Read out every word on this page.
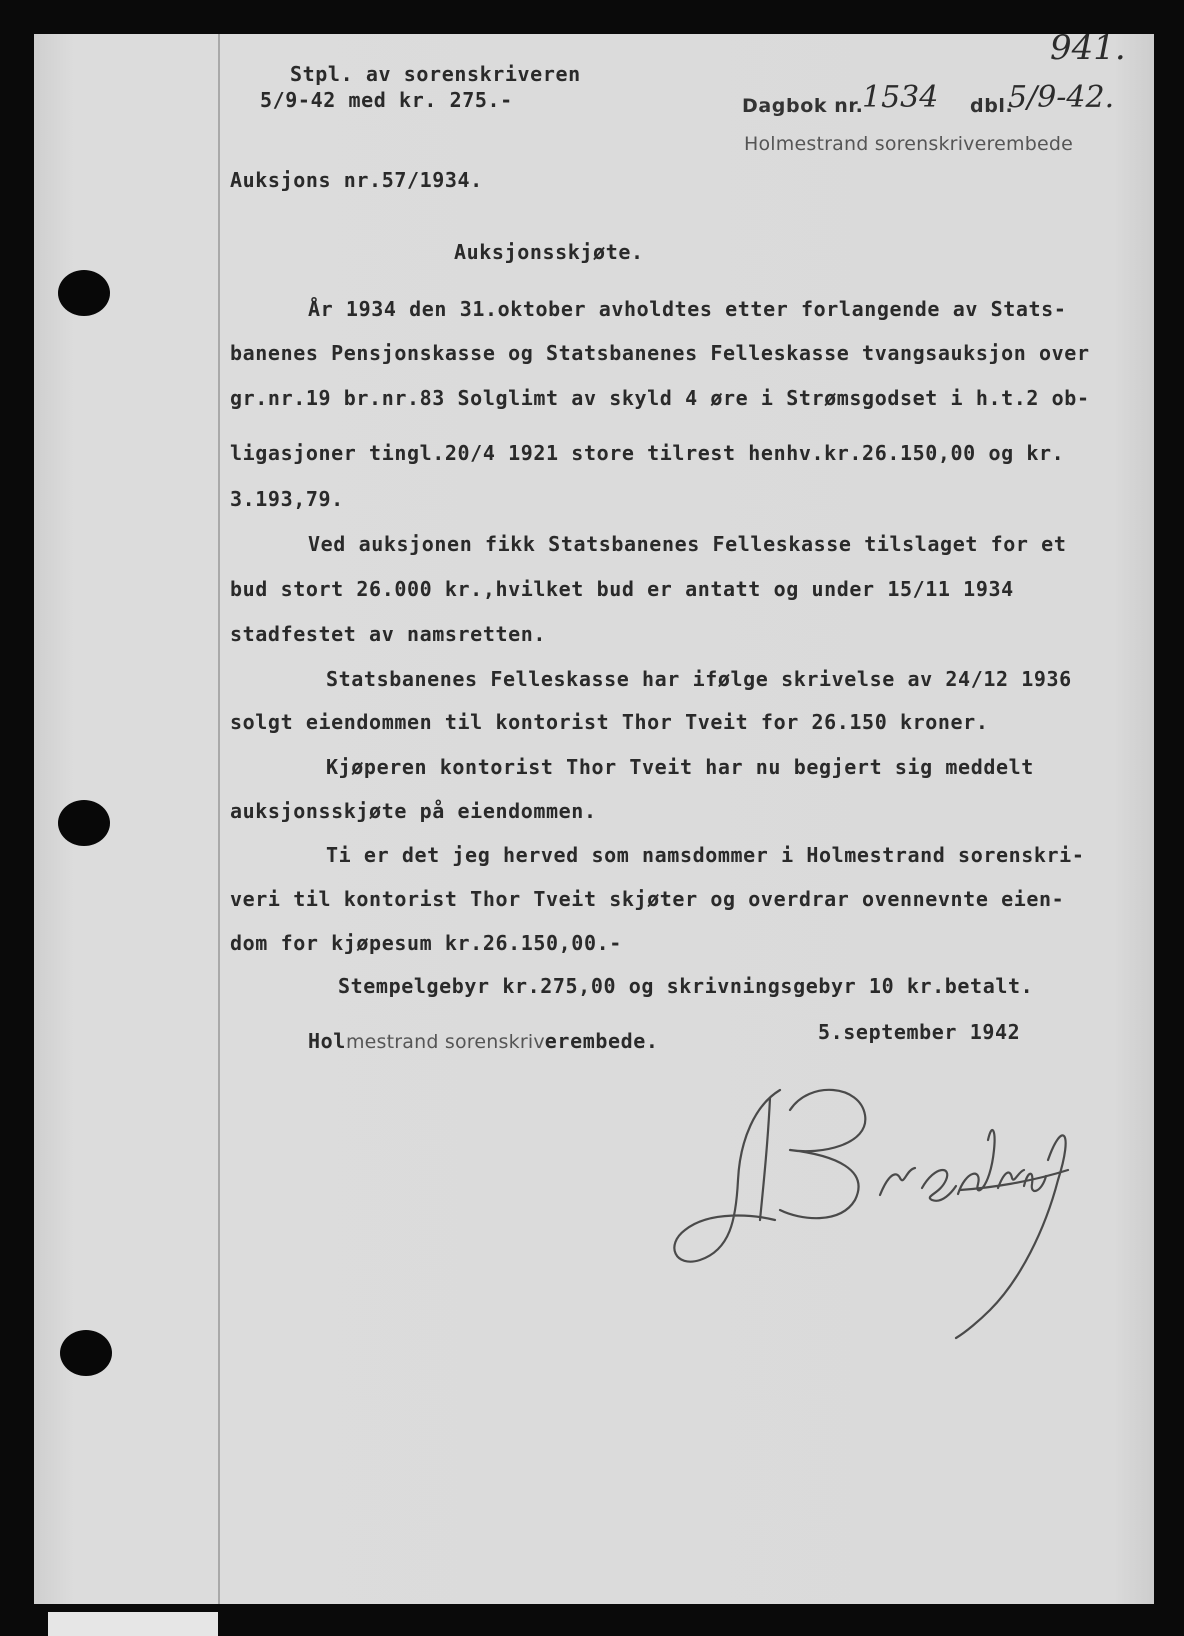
941.

Stpl. av sorenskriveren

5/9-42 med kr. 275.-	Dagbok nr.

1534 dbl.

5/9-42.

Holmestrand sorenskriverembede

Auksjons nr.57/1934.

Auksjonsskjøte.

År 1934 den 31.oktober avholdtes etter forlangende av Stats-

banenes Pensjonskasse og Statsbanenes Felleskasse tvangsauksjon over

gr.nr.19 br.nr.83 Solglimt av skyld 4 øre i Strømsgodset i h.t.2 ob-

ligasjoner tingl.20/4 1921 store tilrest henhv.kr.26.150,00 og kr.

3.193,79.

Ved auksjonen fikk Statsbanenes Felleskasse tilslaget for et

bud stort 26.000 kr.,hvilket bud er antatt og under 15/11 1934

stadfestet av namsretten.

Statsbanenes Felleskasse har ifølge skrivelse av 24/12 1936

solgt eiendommen til kontorist Thor Tveit for 26.150 kroner.

Kjøperen kontorist Thor Tveit har nu begjert sig meddelt

auksjonsskjøte på eiendommen.

Ti er det jeg herved som namsdommer i Holmestrand sorenskri-

veri til kontorist Thor Tveit skjøter og overdrar ovennevnte eien-

dom for kjøpesum kr.26.150,00.-

Stempelgebyr kr.275,00 og skrivningsgebyr 10 kr.betalt.

Holmestrand sorenskriverembede.	5.september 1942
